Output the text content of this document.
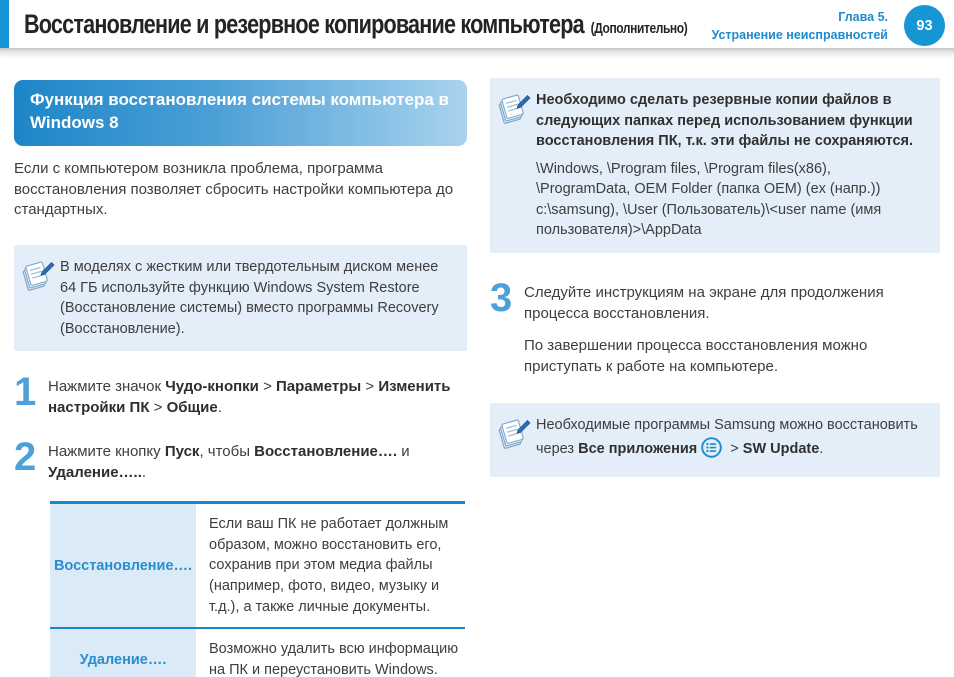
Восстановление и резервное копирование компьютера (Дополнительно)
Глава 5.
Устранение неисправностей
93
Функция восстановления системы компьютера в Windows 8
Если с компьютером возникла проблема, программа восстановления позволяет сбросить настройки компьютера до стандартных.
В моделях с жестким или твердотельным диском менее 64 ГБ используйте функцию Windows System Restore (Восстановление системы) вместо программы Recovery (Восстановление).
1 Нажмите значок Чудо-кнопки > Параметры > Изменить настройки ПК > Общие.
2 Нажмите кнопку Пуск, чтобы Восстановление…. и Удаление…...
Восстановление….
Если ваш ПК не работает должным образом, можно восстановить его, сохранив при этом медиа файлы (например, фото, видео, музыку и т.д.), а также личные документы.
Удаление….
Возможно удалить всю информацию на ПК и переустановить Windows.
Необходимо сделать резервные копии файлов в следующих папках перед использованием функции восстановления ПК, т.к. эти файлы не сохраняются.
\Windows, \Program files, \Program files(x86), \ProgramData, OEM Folder (папка OEM) (ex (напр.)) c:\samsung), \User (Пользователь)\<user name (имя пользователя)>\AppData
3 Следуйте инструкциям на экране для продолжения процесса восстановления.
По завершении процесса восстановления можно приступать к работе на компьютере.
Необходимые программы Samsung можно восстановить через Все приложения > SW Update.
